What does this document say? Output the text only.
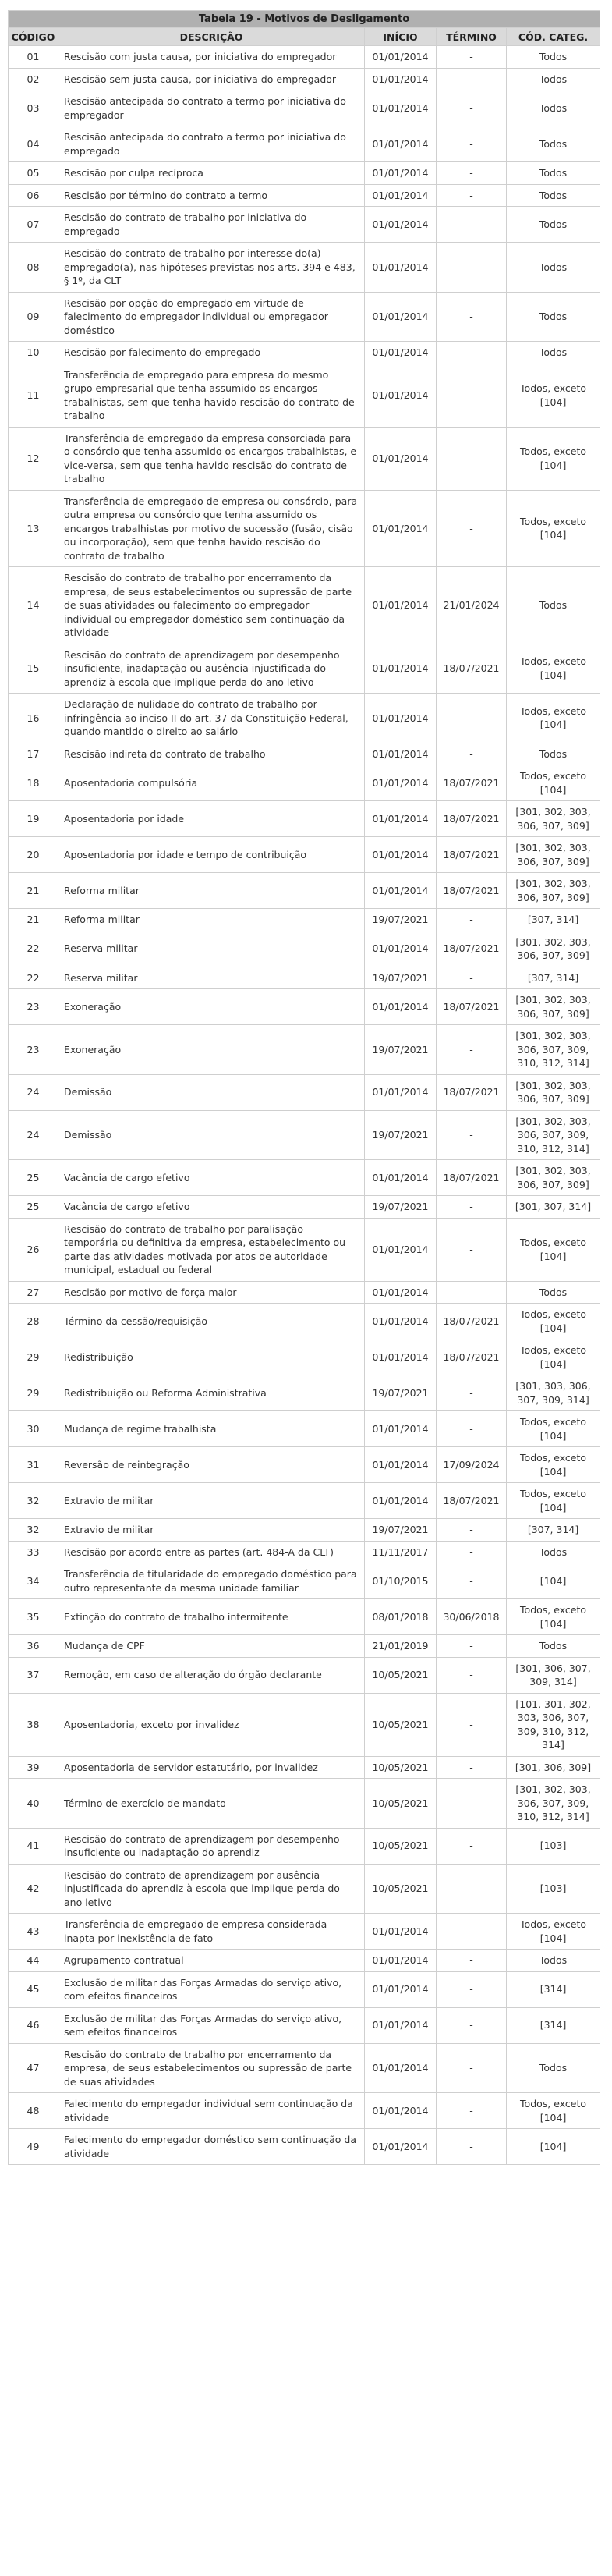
Tabela 19 - Motivos de Desligamento				
CÓDIGO	DESCRIÇÃO	INÍCIO	TÉRMINO	CÓD. CATEG.
01	Rescisão com justa causa, por iniciativa do empregador	01/01/2014	-	Todos
02	Rescisão sem justa causa, por iniciativa do empregador	01/01/2014	-	Todos
03	Rescisão antecipada do contrato a termo por iniciativa do empregador	01/01/2014	-	Todos
04	Rescisão antecipada do contrato a termo por iniciativa do empregado	01/01/2014	-	Todos
05	Rescisão por culpa recíproca	01/01/2014	-	Todos
06	Rescisão por término do contrato a termo	01/01/2014	-	Todos
07	Rescisão do contrato de trabalho por iniciativa do empregado	01/01/2014	-	Todos
08	Rescisão do contrato de trabalho por interesse do(a) empregado(a), nas hipóteses previstas nos arts. 394 e 483, § 1º, da CLT	01/01/2014	-	Todos
09	Rescisão por opção do empregado em virtude de falecimento do empregador individual ou empregador doméstico	01/01/2014	-	Todos
10	Rescisão por falecimento do empregado	01/01/2014	-	Todos
11	Transferência de empregado para empresa do mesmo grupo empresarial que tenha assumido os encargos trabalhistas, sem que tenha havido rescisão do contrato de trabalho	01/01/2014	-	Todos, exceto [104]
12	Transferência de empregado da empresa consorciada para o consórcio que tenha assumido os encargos trabalhistas, e vice-versa, sem que tenha havido rescisão do contrato de trabalho	01/01/2014	-	Todos, exceto [104]
13	Transferência de empregado de empresa ou consórcio, para outra empresa ou consórcio que tenha assumido os encargos trabalhistas por motivo de sucessão (fusão, cisão ou incorporação), sem que tenha havido rescisão do contrato de trabalho	01/01/2014	-	Todos, exceto [104]
14	Rescisão do contrato de trabalho por encerramento da empresa, de seus estabelecimentos ou supressão de parte de suas atividades ou falecimento do empregador individual ou empregador doméstico sem continuação da atividade	01/01/2014	21/01/2024	Todos
15	Rescisão do contrato de aprendizagem por desempenho insuficiente, inadaptação ou ausência injustificada do aprendiz à escola que implique perda do ano letivo	01/01/2014	18/07/2021	Todos, exceto [104]
16	Declaração de nulidade do contrato de trabalho por infringência ao inciso II do art. 37 da Constituição Federal, quando mantido o direito ao salário	01/01/2014	-	Todos, exceto [104]
17	Rescisão indireta do contrato de trabalho	01/01/2014	-	Todos
18	Aposentadoria compulsória	01/01/2014	18/07/2021	Todos, exceto [104]
19	Aposentadoria por idade	01/01/2014	18/07/2021	[301, 302, 303, 306, 307, 309]
20	Aposentadoria por idade e tempo de contribuição	01/01/2014	18/07/2021	[301, 302, 303, 306, 307, 309]
21	Reforma militar	01/01/2014	18/07/2021	[301, 302, 303, 306, 307, 309]
21	Reforma militar	19/07/2021	-	[307, 314]
22	Reserva militar	01/01/2014	18/07/2021	[301, 302, 303, 306, 307, 309]
22	Reserva militar	19/07/2021	-	[307, 314]
23	Exoneração	01/01/2014	18/07/2021	[301, 302, 303, 306, 307, 309]
23	Exoneração	19/07/2021	-	[301, 302, 303, 306, 307, 309, 310, 312, 314]
24	Demissão	01/01/2014	18/07/2021	[301, 302, 303, 306, 307, 309]
24	Demissão	19/07/2021	-	[301, 302, 303, 306, 307, 309, 310, 312, 314]
25	Vacância de cargo efetivo	01/01/2014	18/07/2021	[301, 302, 303, 306, 307, 309]
25	Vacância de cargo efetivo	19/07/2021	-	[301, 307, 314]
26	Rescisão do contrato de trabalho por paralisação temporária ou definitiva da empresa, estabelecimento ou parte das atividades motivada por atos de autoridade municipal, estadual ou federal	01/01/2014	-	Todos, exceto [104]
27	Rescisão por motivo de força maior	01/01/2014	-	Todos
28	Término da cessão/requisição	01/01/2014	18/07/2021	Todos, exceto [104]
29	Redistribuição	01/01/2014	18/07/2021	Todos, exceto [104]
29	Redistribuição ou Reforma Administrativa	19/07/2021	-	[301, 303, 306, 307, 309, 314]
30	Mudança de regime trabalhista	01/01/2014	-	Todos, exceto [104]
31	Reversão de reintegração	01/01/2014	17/09/2024	Todos, exceto [104]
32	Extravio de militar	01/01/2014	18/07/2021	Todos, exceto [104]
32	Extravio de militar	19/07/2021	-	[307, 314]
33	Rescisão por acordo entre as partes (art. 484-A da CLT)	11/11/2017	-	Todos
34	Transferência de titularidade do empregado doméstico para outro representante da mesma unidade familiar	01/10/2015	-	[104]
35	Extinção do contrato de trabalho intermitente	08/01/2018	30/06/2018	Todos, exceto [104]
36	Mudança de CPF	21/01/2019	-	Todos
37	Remoção, em caso de alteração do órgão declarante	10/05/2021	-	[301, 306, 307, 309, 314]
38	Aposentadoria, exceto por invalidez	10/05/2021	-	[101, 301, 302, 303, 306, 307, 309, 310, 312, 314]
39	Aposentadoria de servidor estatutário, por invalidez	10/05/2021	-	[301, 306, 309]
40	Término de exercício de mandato	10/05/2021	-	[301, 302, 303, 306, 307, 309, 310, 312, 314]
41	Rescisão do contrato de aprendizagem por desempenho insuficiente ou inadaptação do aprendiz	10/05/2021	-	[103]
42	Rescisão do contrato de aprendizagem por ausência injustificada do aprendiz à escola que implique perda do ano letivo	10/05/2021	-	[103]
43	Transferência de empregado de empresa considerada inapta por inexistência de fato	01/01/2014	-	Todos, exceto [104]
44	Agrupamento contratual	01/01/2014	-	Todos
45	Exclusão de militar das Forças Armadas do serviço ativo, com efeitos financeiros	01/01/2014	-	[314]
46	Exclusão de militar das Forças Armadas do serviço ativo, sem efeitos financeiros	01/01/2014	-	[314]
47	Rescisão do contrato de trabalho por encerramento da empresa, de seus estabelecimentos ou supressão de parte de suas atividades	01/01/2014	-	Todos
48	Falecimento do empregador individual sem continuação da atividade	01/01/2014	-	Todos, exceto [104]
49	Falecimento do empregador doméstico sem continuação da atividade	01/01/2014	-	[104]
